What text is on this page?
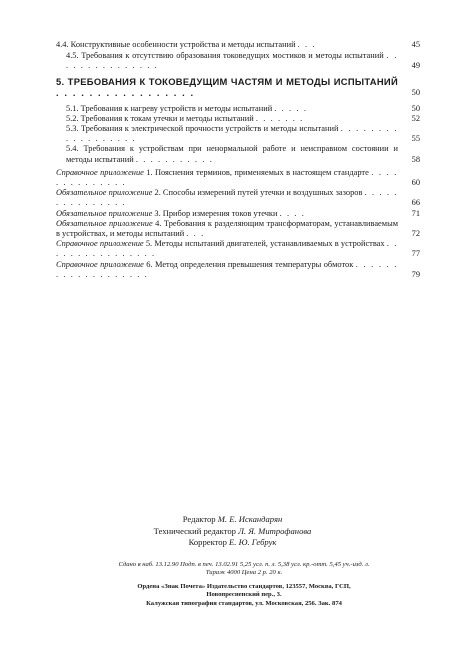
4.4. Конструктивные особенности устройства и методы испытаний . . .	45
4.5. Требования к отсутствию образования токоведущих мостиков и методы испытаний . . . . . . . . . . . . . . .	49
5. ТРЕБОВАНИЯ К ТОКОВЕДУЩИМ ЧАСТЯМ И МЕТОДЫ ИСПЫТАНИЙ . . . . . . . . . . . . . . . . .	50
5.1. Требования к нагреву устройств и методы испытаний . . . . .	50
5.2. Требования к токам утечки и методы испытаний . . . . . . .	52
5.3. Требования к электрической прочности устройств и методы испытаний . . . . . . . . . . . . . . . . . .	55
5.4. Требования к устройствам при ненормальной работе и неисправном состоянии и методы испытаний . . . . . . . . . . .	58
Справочное приложение 1. Пояснения терминов, применяемых в настоящем стандарте . . . . . . . . . . . . . .	60
Обязательное приложение 2. Способы измерений путей утечки и воздушных зазоров . . . . . . . . . . . . . . .	66
Обязательное приложение 3. Прибор измерения токов утечки . . . .	71
Обязательное приложение 4. Требования к разделяющим трансформаторам, устанавливаемым в устройствах, и методы испытаний . . .	72
Справочное приложение 5. Методы испытаний двигателей, устанавливаемых в устройствах . . . . . . . . . . . . . . . .	77
Справочное приложение 6. Метод определения превышения температуры обмоток . . . . . . . . . . . . . . . . . . .	79
Редактор М. Е. Искандарян
Технический редактор Л. Я. Митрофанова
Корректор Е. Ю. Гебрук
Сдано в наб. 13.12.90 Подп. в печ. 13.02.91 5,25 усл. п. л. 5,38 усл. кр.-отт. 5,45 уч.-изд. л.
Тираж 4000 Цена 2 р. 20 к.
Ордена «Знак Почета» Издательство стандартов, 123557, Москва, ГСП,
Новопресненский пер., 3.
Калужская типография стандартов, ул. Московская, 256. Зак. 874
